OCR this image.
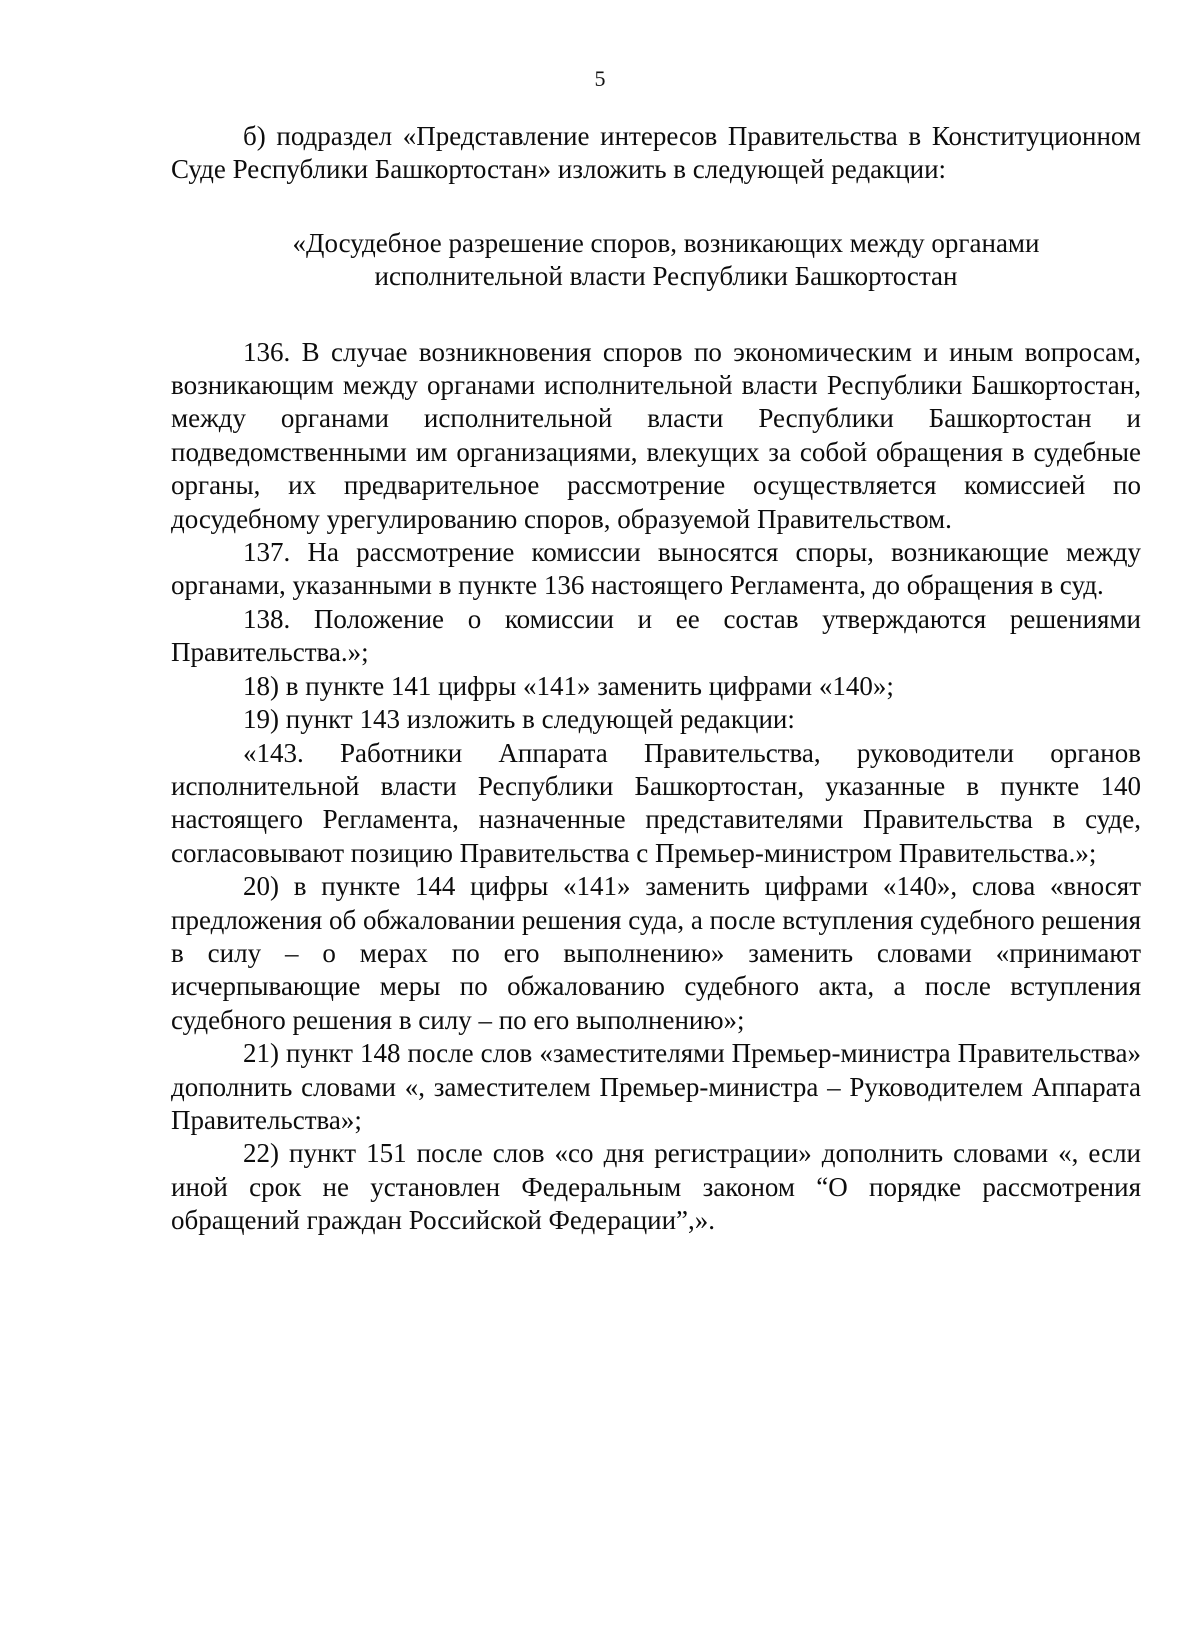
5

б) подраздел «Представление интересов Правительства в Конституционном Суде Республики Башкортостан» изложить в следующей редакции:

«Досудебное разрешение споров, возникающих между органами
исполнительной власти Республики Башкортостан

136. В случае возникновения споров по экономическим и иным вопросам, возникающим между органами исполнительной власти Республики Башкортостан, между органами исполнительной власти Республики Башкортостан и подведомственными им организациями, влекущих за собой обращения в судебные органы, их предварительное рассмотрение осуществляется комиссией по досудебному урегулированию споров, образуемой Правительством.

137. На рассмотрение комиссии выносятся споры, возникающие между органами, указанными в пункте 136 настоящего Регламента, до обращения в суд.

138. Положение о комиссии и ее состав утверждаются решениями Правительства.»;

18) в пункте 141 цифры «141» заменить цифрами «140»;

19) пункт 143 изложить в следующей редакции:

«143. Работники Аппарата Правительства, руководители органов исполнительной власти Республики Башкортостан, указанные в пункте 140 настоящего Регламента, назначенные представителями Правительства в суде, согласовывают позицию Правительства с Премьер-министром Правительства.»;

20) в пункте 144 цифры «141» заменить цифрами «140», слова «вносят предложения об обжаловании решения суда, а после вступления судебного решения в силу – о мерах по его выполнению» заменить словами «принимают исчерпывающие меры по обжалованию судебного акта, а после вступления судебного решения в силу – по его выполнению»;

21) пункт 148 после слов «заместителями Премьер-министра Правительства» дополнить словами «, заместителем Премьер-министра – Руководителем Аппарата Правительства»;

22) пункт 151 после слов «со дня регистрации» дополнить словами «, если иной срок не установлен Федеральным законом “О порядке рассмотрения обращений граждан Российской Федерации”,».
